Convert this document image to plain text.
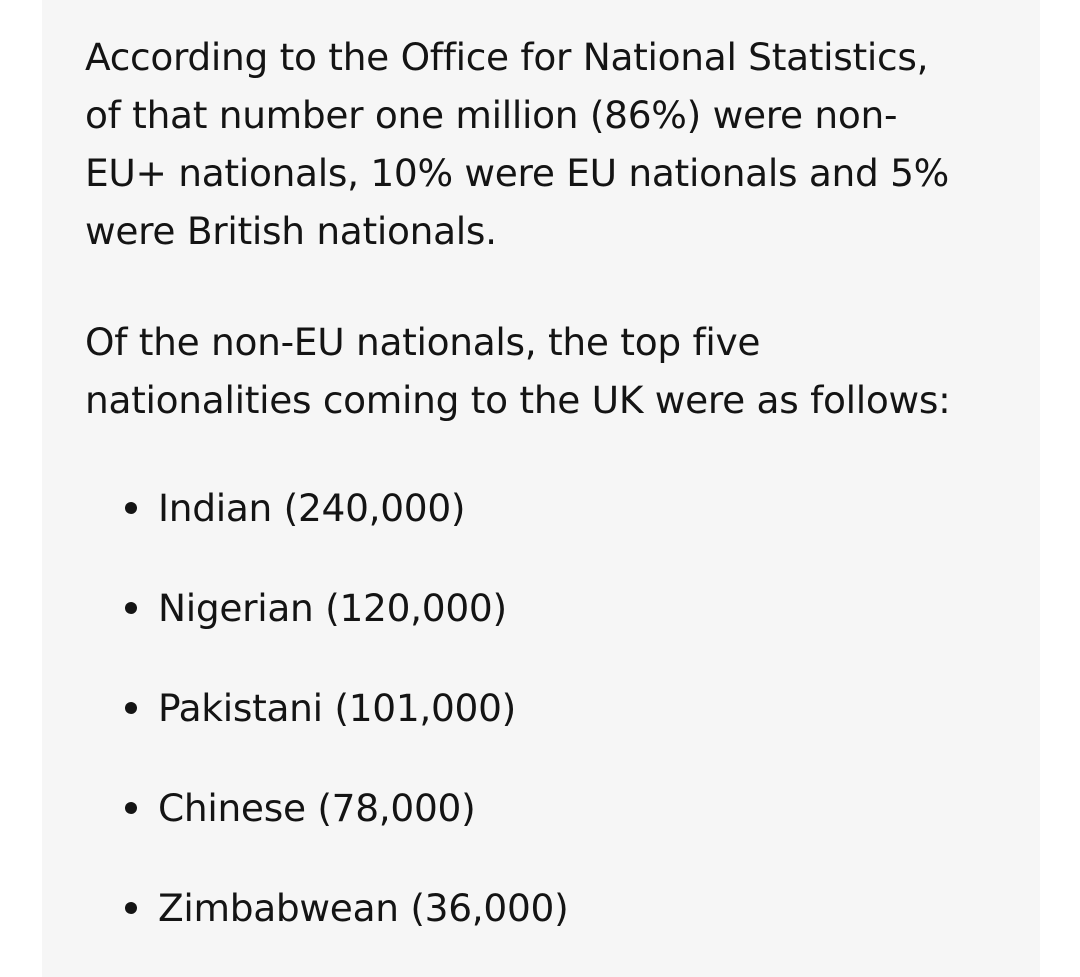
According to the Office for National Statistics,
of that number one million (86%) were non-
EU+ nationals, 10% were EU nationals and 5%
were British nationals.

Of the non-EU nationals, the top five
nationalities coming to the UK were as follows:

Indian (240,000)
Nigerian (120,000)
Pakistani (101,000)
Chinese (78,000)
Zimbabwean (36,000)
